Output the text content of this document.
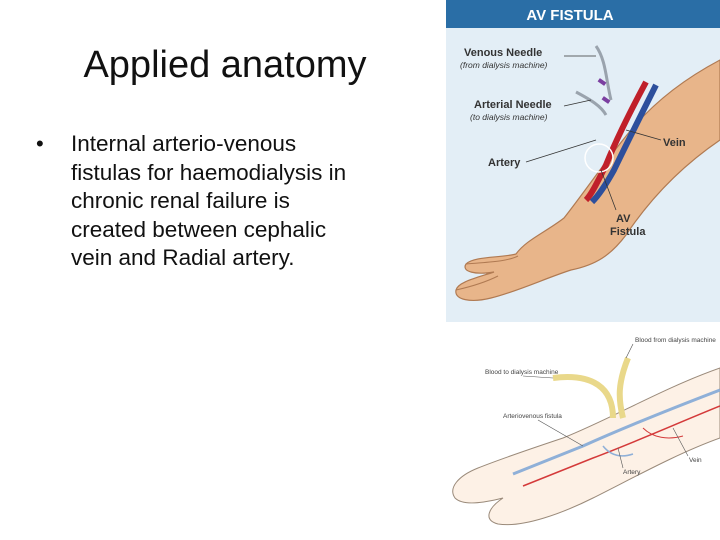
Applied anatomy
• Internal arterio-venous fistulas for haemodialysis in chronic renal failure is created between cephalic vein and Radial artery.
AV FISTULA
Venous Needle
(from dialysis machine)
Arterial Needle
(to dialysis machine)
Artery
Vein
AV
Fistula
Blood from dialysis machine
Blood to dialysis machine
Arteriovenous fistula
Vein
Artery
